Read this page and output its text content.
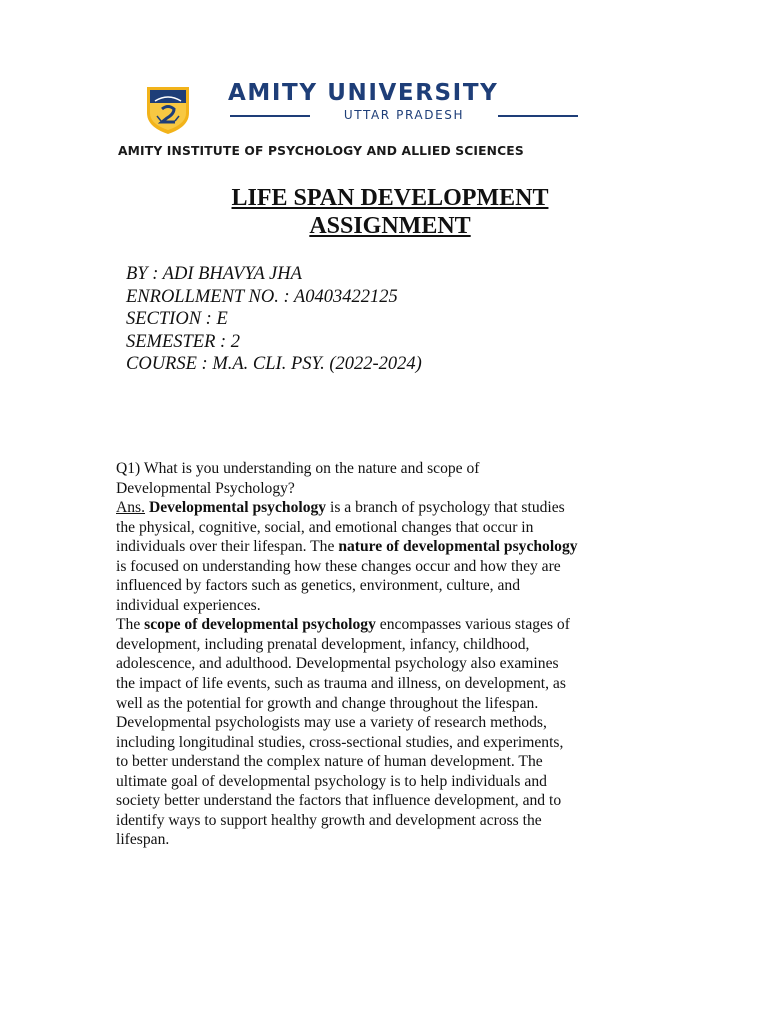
AMITY UNIVERSITY
UTTAR PRADESH
AMITY INSTITUTE OF PSYCHOLOGY AND ALLIED SCIENCES
LIFE SPAN DEVELOPMENT
ASSIGNMENT
BY : ADI BHAVYA JHA
ENROLLMENT NO. : A0403422125
SECTION : E
SEMESTER : 2
COURSE : M.A. CLI. PSY. (2022-2024)

Q1) What is you understanding on the nature and scope of

Developmental Psychology?

Ans. Developmental psychology is a branch of psychology that studies

the physical, cognitive, social, and emotional changes that occur in

individuals over their lifespan. The nature of developmental psychology

is focused on understanding how these changes occur and how they are

influenced by factors such as genetics, environment, culture, and

individual experiences.

The scope of developmental psychology encompasses various stages of

development, including prenatal development, infancy, childhood,

adolescence, and adulthood. Developmental psychology also examines

the impact of life events, such as trauma and illness, on development, as

well as the potential for growth and change throughout the lifespan.

Developmental psychologists may use a variety of research methods,

including longitudinal studies, cross-sectional studies, and experiments,

to better understand the complex nature of human development. The

ultimate goal of developmental psychology is to help individuals and

society better understand the factors that influence development, and to

identify ways to support healthy growth and development across the

lifespan.
